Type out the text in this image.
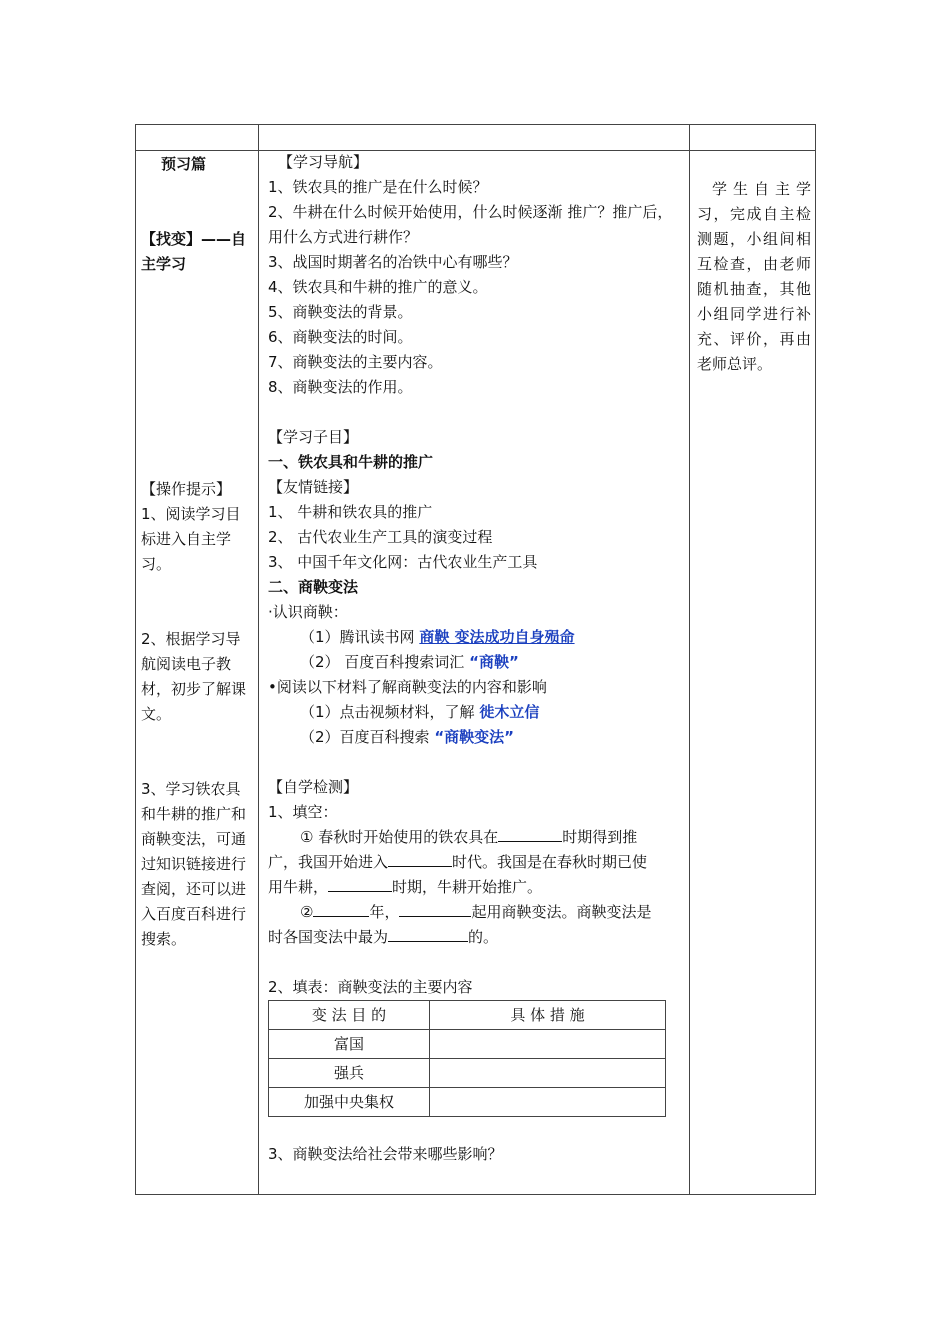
预习篇

【找变】——自主学习

【操作提示】

1、阅读学习目标进入自主学习。

2、根据学习导航阅读电子教材，初步了解课文。

3、学习铁农具和牛耕的推广和商鞅变法，可通过知识链接进行查阅，还可以进入百度百科进行搜索。

【学习导航】

1、铁农具的推广是在什么时候？

2、牛耕在什么时候开始使用，什么时候逐渐 推广？推广后，用什么方式进行耕作？

3、战国时期著名的冶铁中心有哪些？

4、铁农具和牛耕的推广的意义。

5、商鞅变法的背景。

6、商鞅变法的时间。

7、商鞅变法的主要内容。

8、商鞅变法的作用。

【学习子目】

一、铁农具和牛耕的推广

【友情链接】

1、 牛耕和铁农具的推广

2、 古代农业生产工具的演变过程

3、 中国千年文化网：古代农业生产工具

二、商鞅变法

·认识商鞅：

（1）腾讯读书网 商鞅 变法成功自身殒命

（2） 百度百科搜索词汇 “商鞅”

•阅读以下材料了解商鞅变法的内容和影响

（1）点击视频材料，了解 徙木立信

（2）百度百科搜索 “商鞅变法”

【自学检测】

1、填空：

① 春秋时开始使用的铁农具在	时期得到推

广，我国开始进入	时代。我国是在春秋时期已使

用牛耕，	时期，牛耕开始推广。

②	年，	起用商鞅变法。商鞅变法是

时各国变法中最为	的。

2、填表：商鞅变法的主要内容

变 法 目 的	具 体 措 施
富国	
强兵	
加强中央集权	

3、商鞅变法给社会带来哪些影响？

学生自主学习，完成自主检测题，小组间相互检查，由老师随机抽查，其他小组同学进行补充、评价，再由老师总评。
